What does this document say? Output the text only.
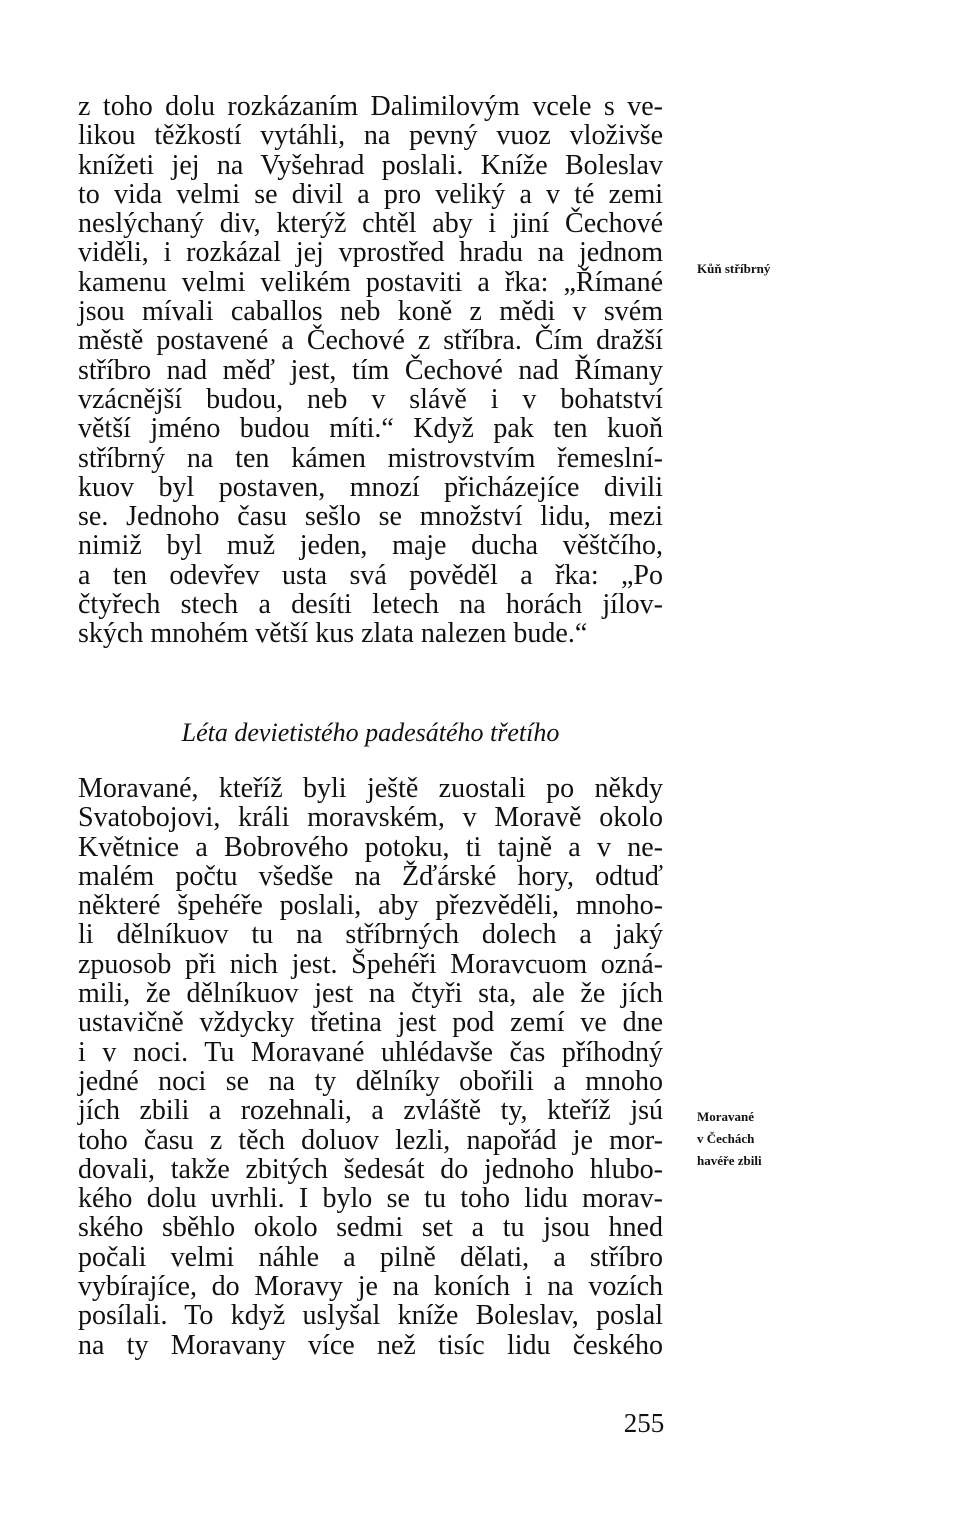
z toho dolu rozkázaním Dalimilovým vcele s ve-
likou těžkostí vytáhli, na pevný vuoz vloživše
knížeti jej na Vyšehrad poslali. Kníže Boleslav
to vida velmi se divil a pro veliký a v té zemi
neslýchaný div, kterýž chtěl aby i jiní Čechové
viděli, i rozkázal jej vprostřed hradu na jednom
kamenu velmi velikém postaviti a řka: „Římané
jsou mívali caballos neb koně z mědi v svém
městě postavené a Čechové z stříbra. Čím dražší
stříbro nad měď jest, tím Čechové nad Římany
vzácnější budou, neb v slávě i v bohatství
větší jméno budou míti.“ Když pak ten kuoň
stříbrný na ten kámen mistrovstvím řemeslní-
kuov byl postaven, mnozí přicházejíce divili
se. Jednoho času sešlo se množství lidu, mezi
nimiž byl muž jeden, maje ducha věštčího,
a ten odevřev usta svá pověděl a řka: „Po
čtyřech stech a desíti letech na horách jílov-
ských mnohém větší kus zlata nalezen bude.“
Kůň stříbrný
Léta devietistého padesátého třetího
Moravané, kteříž byli ještě zuostali po někdy
Svatobojovi, králi moravském, v Moravě okolo
Květnice a Bobrového potoku, ti tajně a v ne-
malém počtu všedše na Žďárské hory, odtuď
některé špehéře poslali, aby přezvěděli, mnoho-
li dělníkuov tu na stříbrných dolech a jaký
zpuosob při nich jest. Špehéři Moravcuom ozná-
mili, že dělníkuov jest na čtyři sta, ale že jích
ustavičně vždycky třetina jest pod zemí ve dne
i v noci. Tu Moravané uhlédavše čas příhodný
jedné noci se na ty dělníky obořili a mnoho
jích zbili a rozehnali, a zvláště ty, kteříž jsú
toho času z těch doluov lezli, napořád je mor-
dovali, takže zbitých šedesát do jednoho hlubo-
kého dolu uvrhli. I bylo se tu toho lidu morav-
ského sběhlo okolo sedmi set a tu jsou hned
počali velmi náhle a pilně dělati, a stříbro
vybírajíce, do Moravy je na koních i na vozích
posílali. To když uslyšal kníže Boleslav, poslal
na ty Moravany více než tisíc lidu českého
Moravané
v Čechách
havéře zbili
255
